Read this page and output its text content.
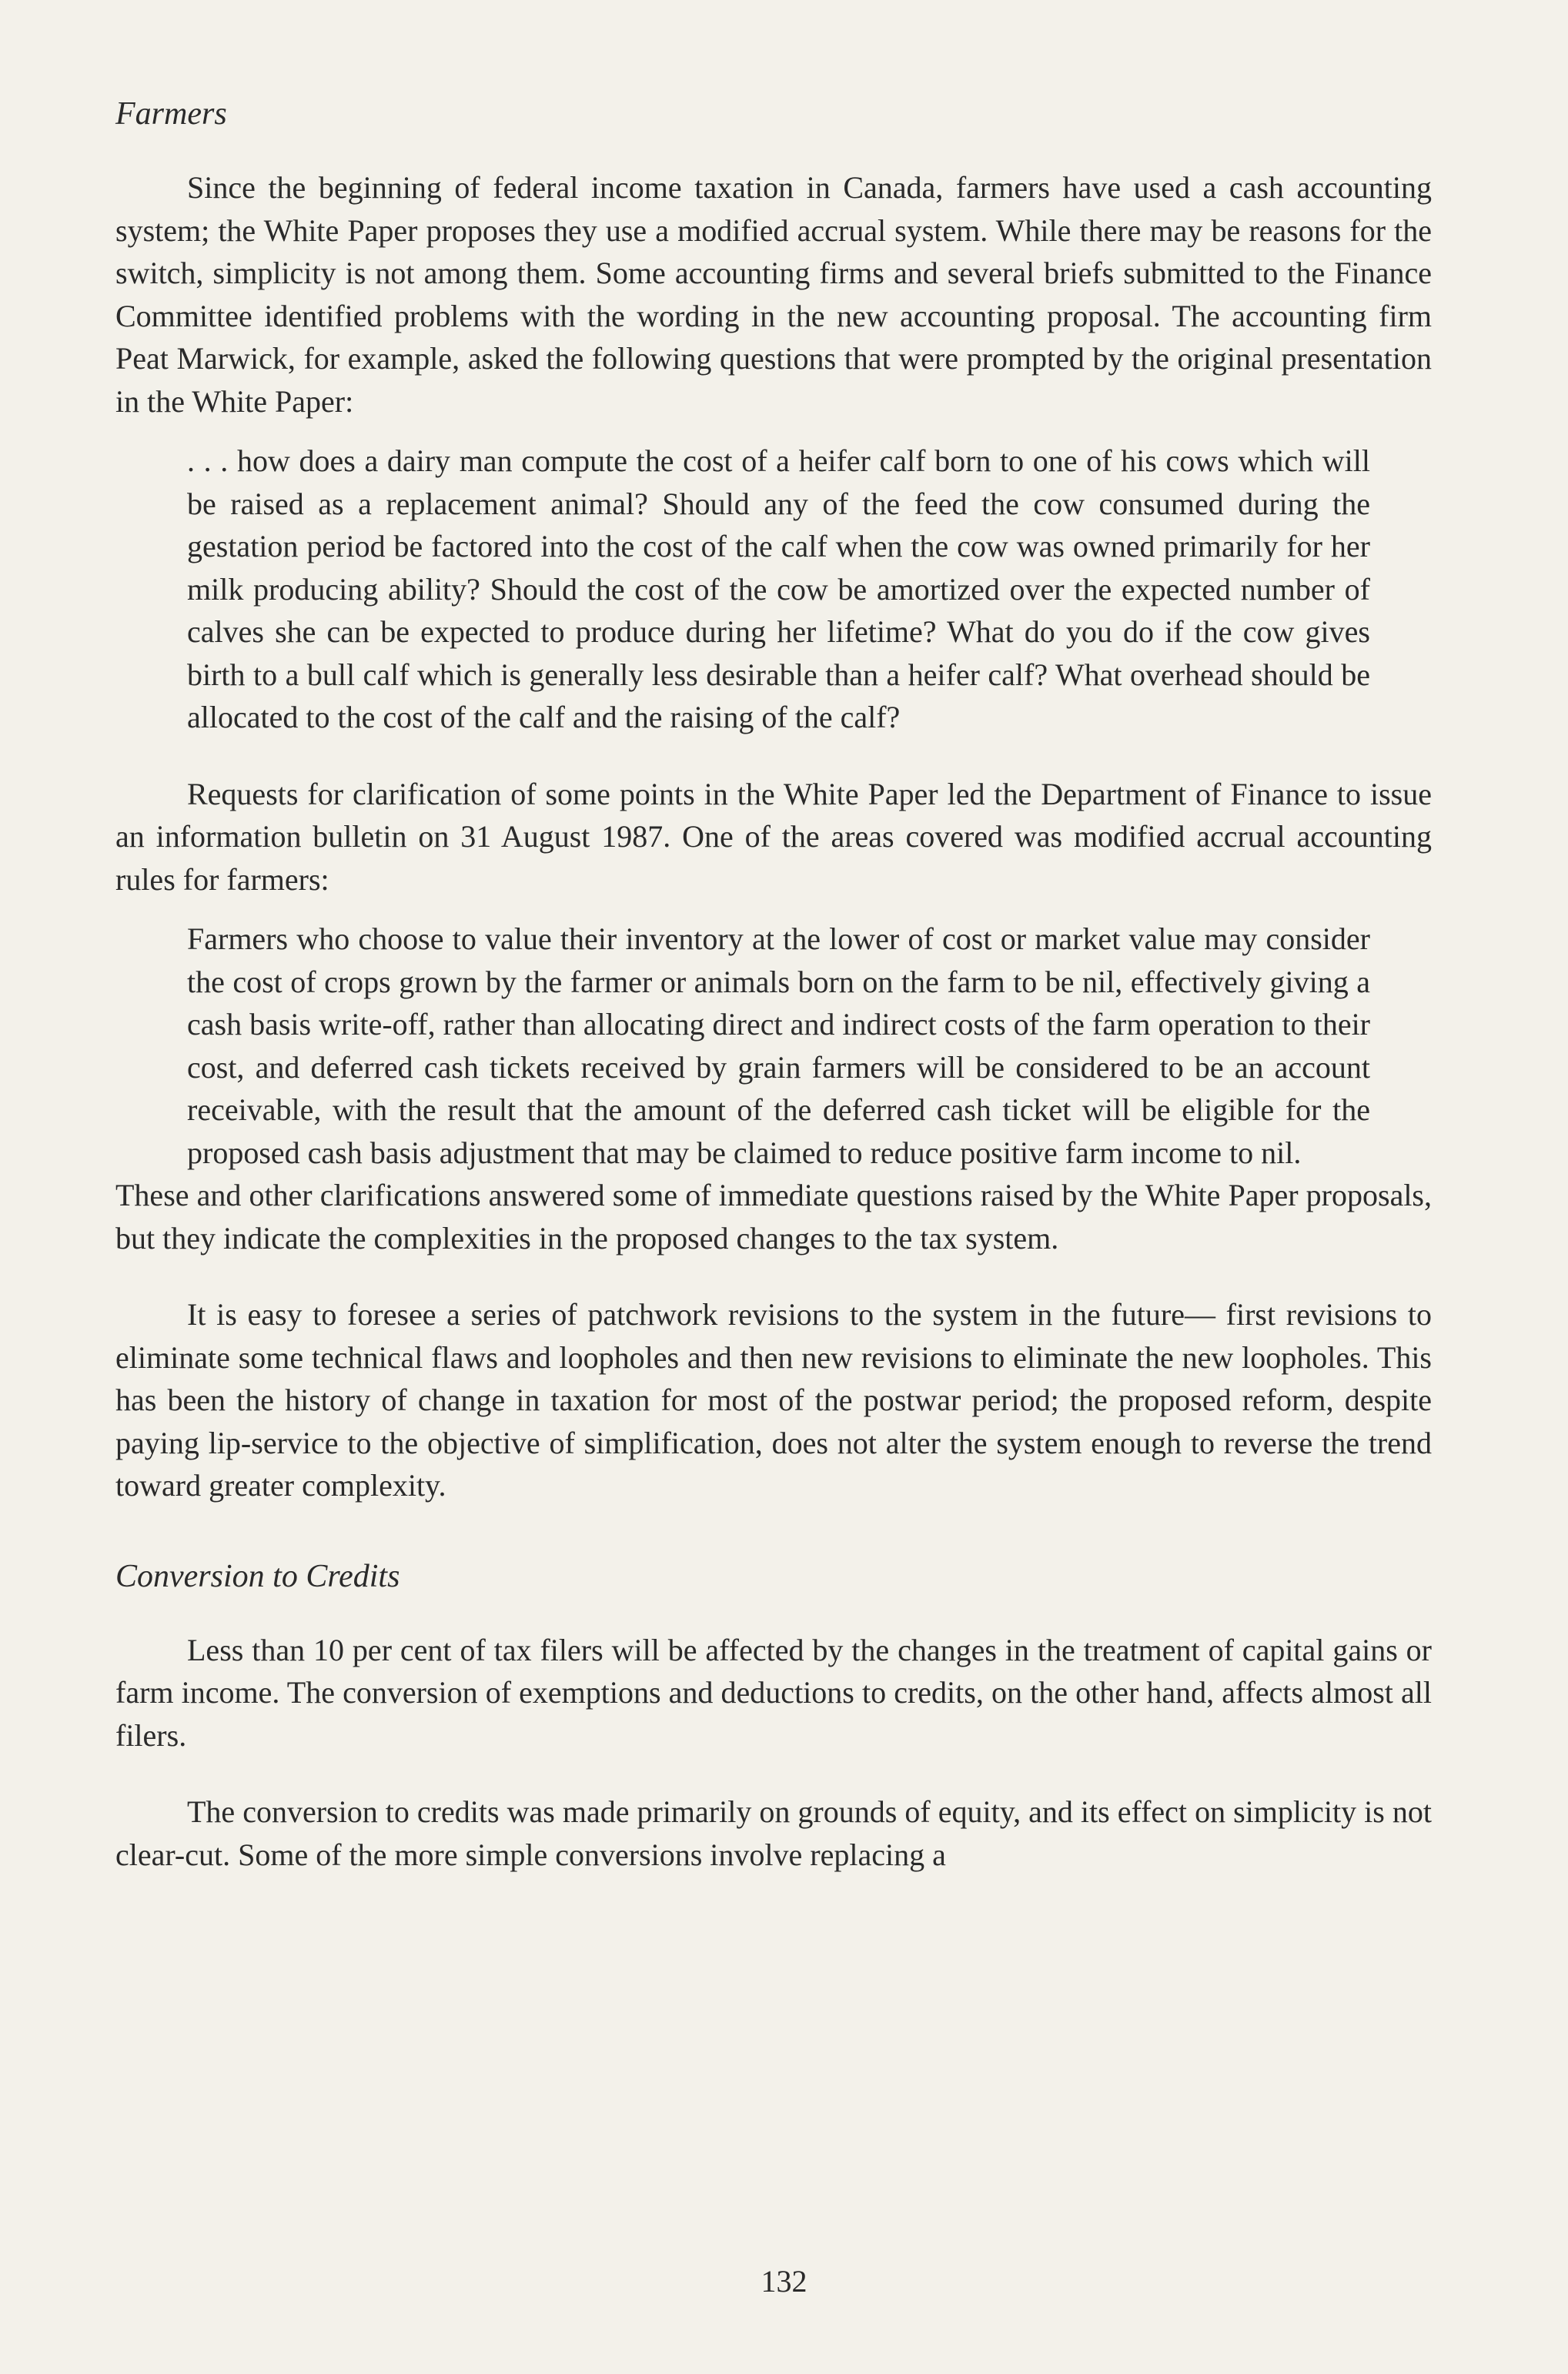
Farmers

Since the beginning of federal income taxation in Canada, farmers have used a cash accounting system; the White Paper proposes they use a modified accrual system. While there may be reasons for the switch, simplicity is not among them. Some accounting firms and several briefs submitted to the Finance Committee identified problems with the wording in the new accounting proposal. The accounting firm Peat Marwick, for example, asked the following questions that were prompted by the original presentation in the White Paper:

. . . how does a dairy man compute the cost of a heifer calf born to one of his cows which will be raised as a replacement animal? Should any of the feed the cow consumed during the gestation period be factored into the cost of the calf when the cow was owned primarily for her milk producing ability? Should the cost of the cow be amortized over the expected number of calves she can be expected to produce during her lifetime? What do you do if the cow gives birth to a bull calf which is generally less desirable than a heifer calf? What overhead should be allocated to the cost of the calf and the raising of the calf?

Requests for clarification of some points in the White Paper led the Department of Finance to issue an information bulletin on 31 August 1987. One of the areas covered was modified accrual accounting rules for farmers:

Farmers who choose to value their inventory at the lower of cost or market value may consider the cost of crops grown by the farmer or animals born on the farm to be nil, effectively giving a cash basis write-off, rather than allocating direct and indirect costs of the farm operation to their cost, and deferred cash tickets received by grain farmers will be considered to be an account receivable, with the result that the amount of the deferred cash ticket will be eligible for the proposed cash basis adjustment that may be claimed to reduce positive farm income to nil.

These and other clarifications answered some of immediate questions raised by the White Paper proposals, but they indicate the complexities in the proposed changes to the tax system.

It is easy to foresee a series of patchwork revisions to the system in the future— first revisions to eliminate some technical flaws and loopholes and then new revisions to eliminate the new loopholes. This has been the history of change in taxation for most of the postwar period; the proposed reform, despite paying lip-service to the objective of simplification, does not alter the system enough to reverse the trend toward greater complexity.

Conversion to Credits

Less than 10 per cent of tax filers will be affected by the changes in the treatment of capital gains or farm income. The conversion of exemptions and deductions to credits, on the other hand, affects almost all filers.

The conversion to credits was made primarily on grounds of equity, and its effect on simplicity is not clear-cut. Some of the more simple conversions involve replacing a

132
